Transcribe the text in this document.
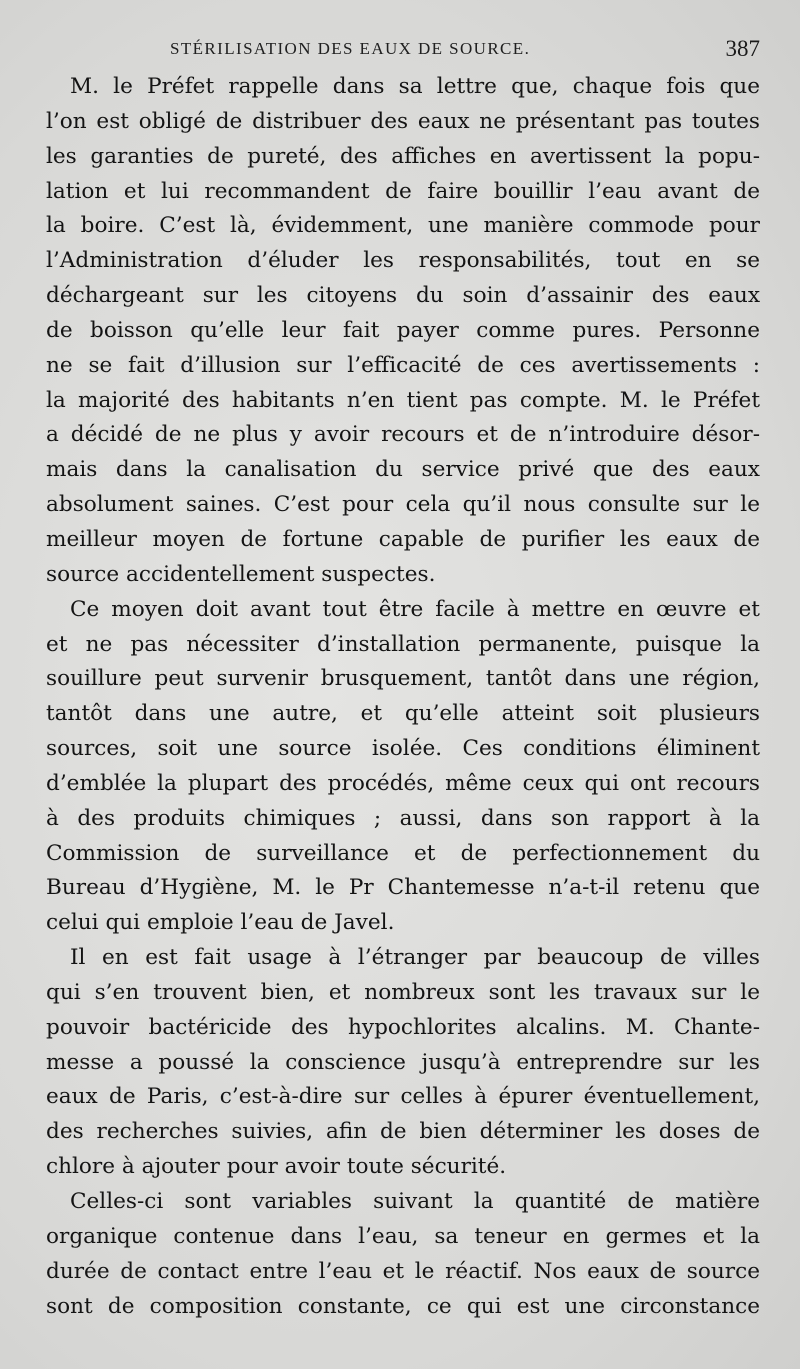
STÉRILISATION DES EAUX DE SOURCE.	387
M. le Préfet rappelle dans sa lettre que, chaque fois que
l’on est obligé de distribuer des eaux ne présentant pas toutes
les garanties de pureté, des affiches en avertissent la popu-
lation et lui recommandent de faire bouillir l’eau avant de
la boire. C’est là, évidemment, une manière commode pour
l’Administration d’éluder les responsabilités, tout en se
déchargeant sur les citoyens du soin d’assainir des eaux
de boisson qu’elle leur fait payer comme pures. Personne
ne se fait d’illusion sur l’efficacité de ces avertissements :
la majorité des habitants n’en tient pas compte. M. le Préfet
a décidé de ne plus y avoir recours et de n’introduire désor-
mais dans la canalisation du service privé que des eaux
absolument saines. C’est pour cela qu’il nous consulte sur le
meilleur moyen de fortune capable de purifier les eaux de
source accidentellement suspectes.
Ce moyen doit avant tout être facile à mettre en œuvre et
et ne pas nécessiter d’installation permanente, puisque la
souillure peut survenir brusquement, tantôt dans une région,
tantôt dans une autre, et qu’elle atteint soit plusieurs
sources, soit une source isolée. Ces conditions éliminent
d’emblée la plupart des procédés, même ceux qui ont recours
à des produits chimiques ; aussi, dans son rapport à la
Commission de surveillance et de perfectionnement du
Bureau d’Hygiène, M. le Pr Chantemesse n’a-t-il retenu que
celui qui emploie l’eau de Javel.
Il en est fait usage à l’étranger par beaucoup de villes
qui s’en trouvent bien, et nombreux sont les travaux sur le
pouvoir bactéricide des hypochlorites alcalins. M. Chante-
messe a poussé la conscience jusqu’à entreprendre sur les
eaux de Paris, c’est-à-dire sur celles à épurer éventuellement,
des recherches suivies, afin de bien déterminer les doses de
chlore à ajouter pour avoir toute sécurité.
Celles-ci sont variables suivant la quantité de matière
organique contenue dans l’eau, sa teneur en germes et la
durée de contact entre l’eau et le réactif. Nos eaux de source
sont de composition constante, ce qui est une circonstance
